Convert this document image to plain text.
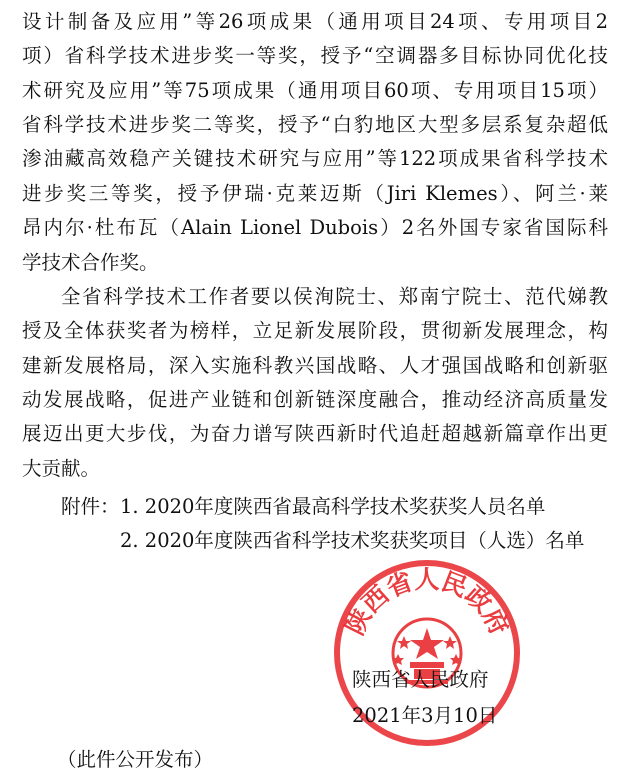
设计制备及应用”等26项成果（通用项目24项、专用项目2
项）省科学技术进步奖一等奖，授予“空调器多目标协同优化技
术研究及应用”等75项成果（通用项目60项、专用项目15项）
省科学技术进步奖二等奖，授予“白豹地区大型多层系复杂超低
渗油藏高效稳产关键技术研究与应用”等122项成果省科学技术
进步奖三等奖，授予伊瑞·克莱迈斯（Jiri Klemes）、阿兰·莱
昂内尔·杜布瓦（Alain Lionel Dubois）2名外国专家省国际科
学技术合作奖。
全省科学技术工作者要以侯洵院士、郑南宁院士、范代娣教
授及全体获奖者为榜样，立足新发展阶段，贯彻新发展理念，构
建新发展格局，深入实施科教兴国战略、人才强国战略和创新驱
动发展战略，促进产业链和创新链深度融合，推动经济高质量发
展迈出更大步伐，为奋力谱写陕西新时代追赶超越新篇章作出更
大贡献。
附件： 1. 2020年度陕西省最高科学技术奖获奖人员名单
2. 2020年度陕西省科学技术奖获奖项目（人选）名单
陕西省人民政府
陕西省人民政府
2021年3月10日
（此件公开发布）
